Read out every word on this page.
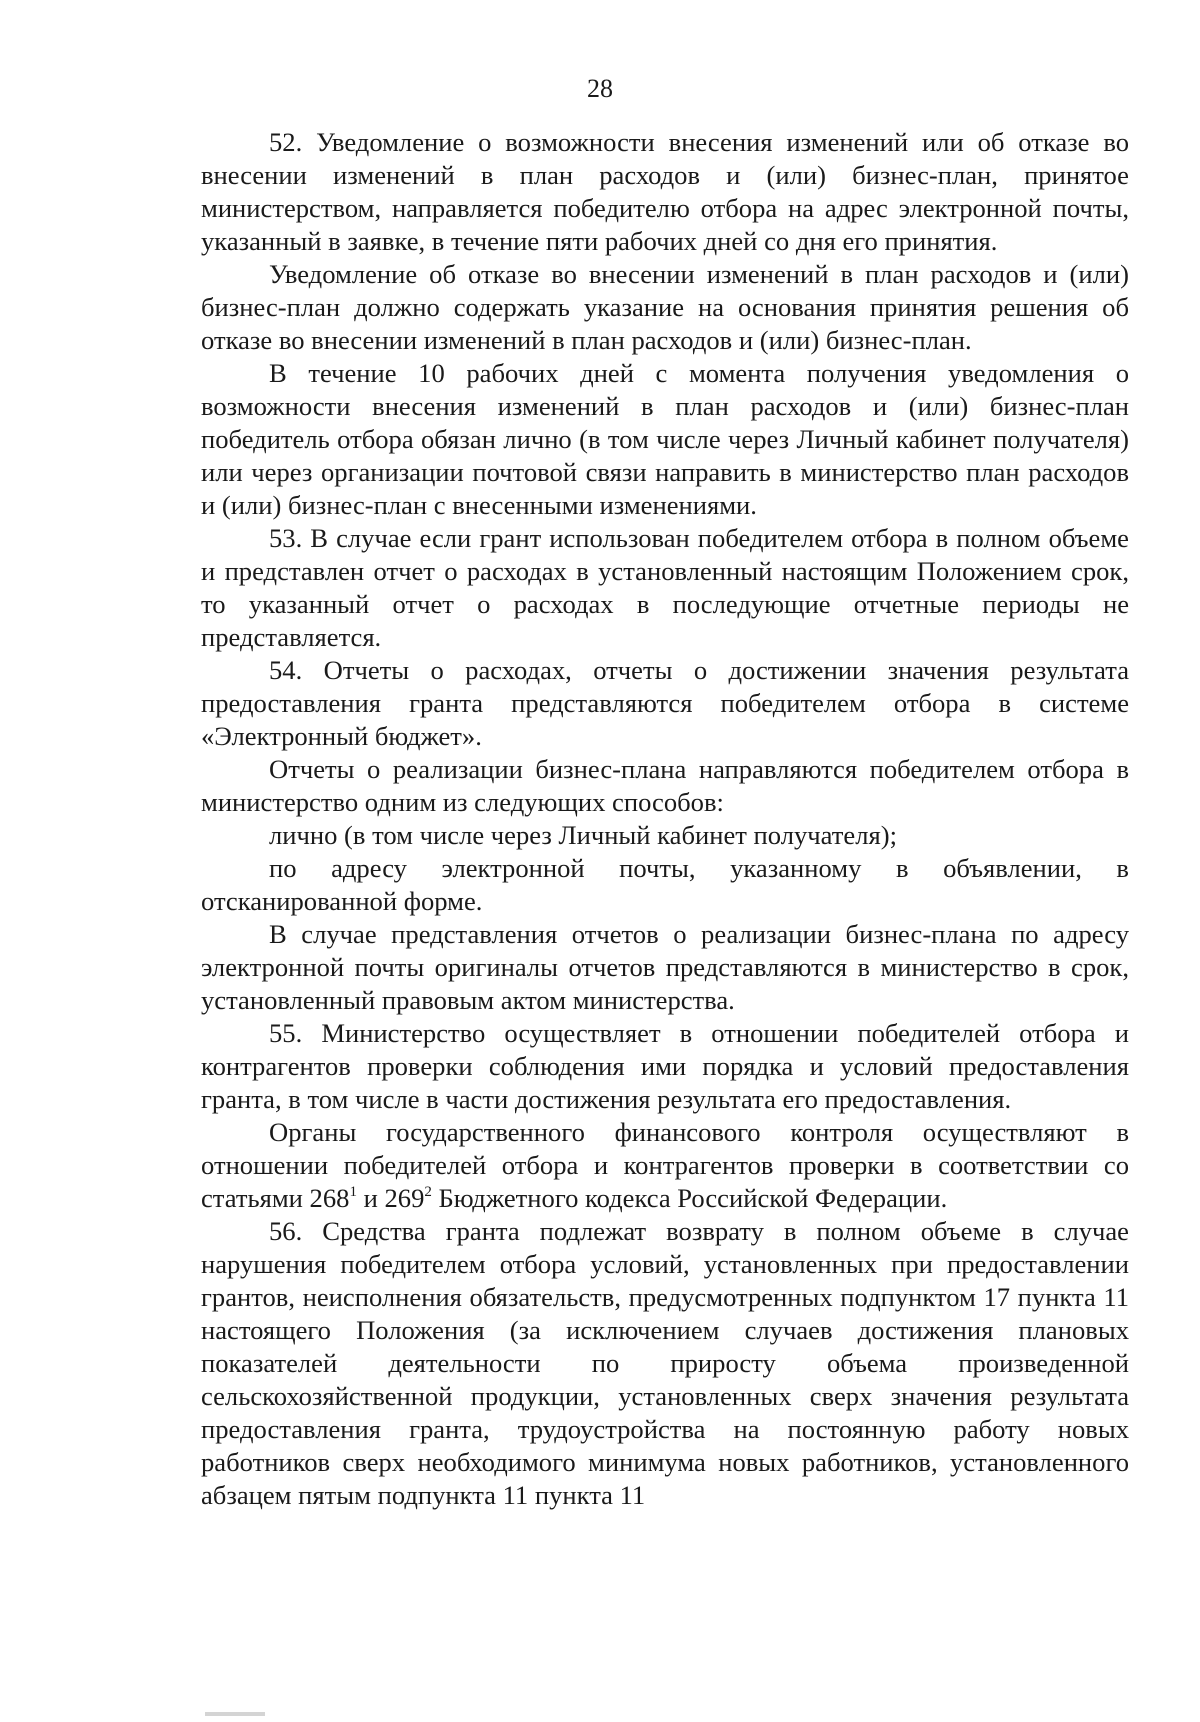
28

52. Уведомление о возможности внесения изменений или об отказе во внесении изменений в план расходов и (или) бизнес-план, принятое министерством, направляется победителю отбора на адрес электронной почты, указанный в заявке, в течение пяти рабочих дней со дня его принятия.

Уведомление об отказе во внесении изменений в план расходов и (или) бизнес-план должно содержать указание на основания принятия решения об отказе во внесении изменений в план расходов и (или) бизнес-план.

В течение 10 рабочих дней с момента получения уведомления о возможности внесения изменений в план расходов и (или) бизнес-план победитель отбора обязан лично (в том числе через Личный кабинет получателя) или через организации почтовой связи направить в министерство план расходов и (или) бизнес-план с внесенными изменениями.

53. В случае если грант использован победителем отбора в полном объеме и представлен отчет о расходах в установленный настоящим Положением срок, то указанный отчет о расходах в последующие отчетные периоды не представляется.

54. Отчеты о расходах, отчеты о достижении значения результата предоставления гранта представляются победителем отбора в системе «Электронный бюджет».

Отчеты о реализации бизнес-плана направляются победителем отбора в министерство одним из следующих способов:

лично (в том числе через Личный кабинет получателя);

по адресу электронной почты, указанному в объявлении, в отсканированной форме.

В случае представления отчетов о реализации бизнес-плана по адресу электронной почты оригиналы отчетов представляются в министерство в срок, установленный правовым актом министерства.

55. Министерство осуществляет в отношении победителей отбора и контрагентов проверки соблюдения ими порядка и условий предоставления гранта, в том числе в части достижения результата его предоставления.

Органы государственного финансового контроля осуществляют в отношении победителей отбора и контрагентов проверки в соответствии со статьями $268^1$ и $269^2$ Бюджетного кодекса Российской Федерации.

56. Средства гранта подлежат возврату в полном объеме в случае нарушения победителем отбора условий, установленных при предоставлении грантов, неисполнения обязательств, предусмотренных подпунктом 17 пункта 11 настоящего Положения (за исключением случаев достижения плановых показателей деятельности по приросту объема произведенной сельскохозяйственной продукции, установленных сверх значения результата предоставления гранта, трудоустройства на постоянную работу новых работников сверх необходимого минимума новых работников, установленного абзацем пятым подпункта 11 пункта 11
